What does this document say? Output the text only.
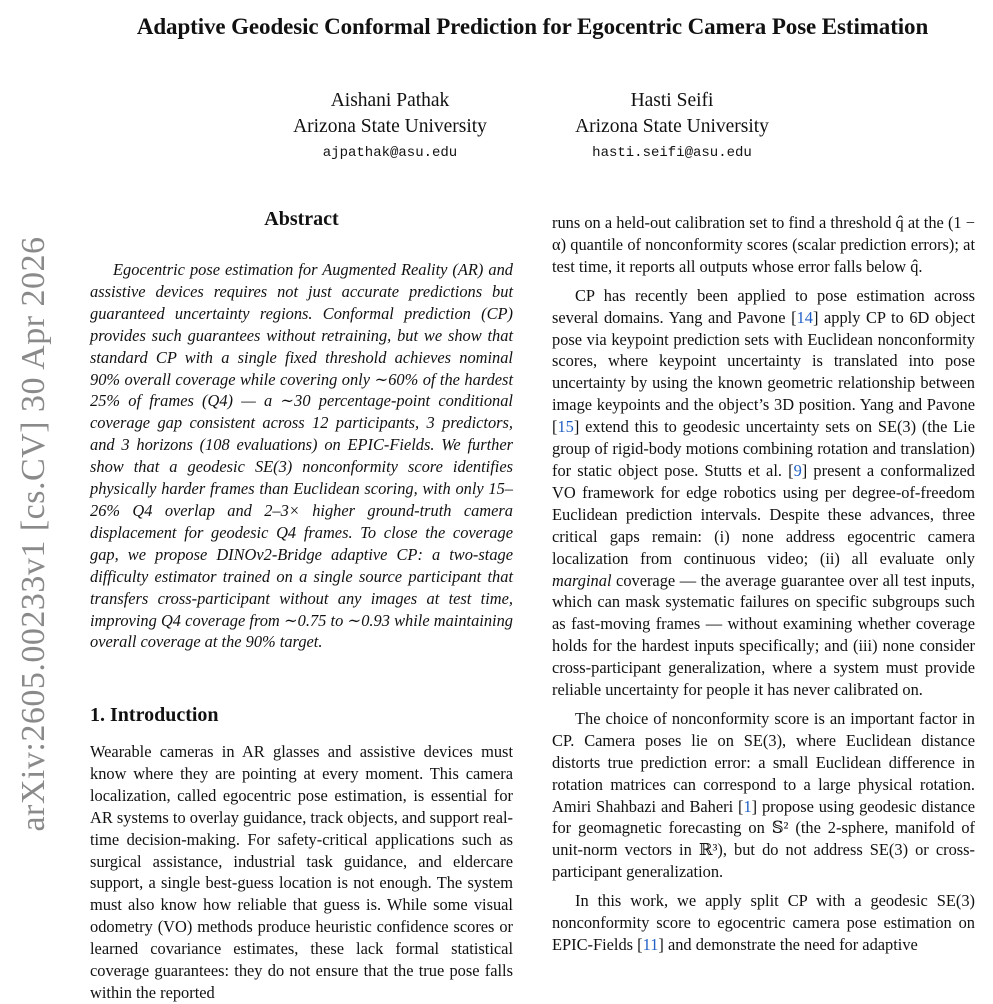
arXiv:2605.00233v1 [cs.CV] 30 Apr 2026
Adaptive Geodesic Conformal Prediction for Egocentric Camera Pose Estimation
Aishani Pathak
Arizona State University
ajpathak@asu.edu
Hasti Seifi
Arizona State University
hasti.seifi@asu.edu
Abstract

Egocentric pose estimation for Augmented Reality (AR) and assistive devices requires not just accurate predictions but guaranteed uncertainty regions. Conformal prediction (CP) provides such guarantees without retraining, but we show that standard CP with a single fixed threshold achieves nominal 90% overall coverage while covering only ∼60% of the hardest 25% of frames (Q4) — a ∼30 percentage-point conditional coverage gap consistent across 12 participants, 3 predictors, and 3 horizons (108 evaluations) on EPIC-Fields. We further show that a geodesic SE(3) nonconformity score identifies physically harder frames than Euclidean scoring, with only 15–26% Q4 overlap and 2–3× higher ground-truth camera displacement for geodesic Q4 frames. To close the coverage gap, we propose DINOv2-Bridge adaptive CP: a two-stage difficulty estimator trained on a single source participant that transfers cross-participant without any images at test time, improving Q4 coverage from ∼0.75 to ∼0.93 while maintaining overall coverage at the 90% target.

1. Introduction

Wearable cameras in AR glasses and assistive devices must know where they are pointing at every moment. This camera localization, called egocentric pose estimation, is essential for AR systems to overlay guidance, track objects, and support real-time decision-making. For safety-critical applications such as surgical assistance, industrial task guidance, and eldercare support, a single best-guess location is not enough. The system must also know how reliable that guess is. While some visual odometry (VO) methods produce heuristic confidence scores or learned covariance estimates, these lack formal statistical coverage guarantees: they do not ensure that the true pose falls within the reported

runs on a held-out calibration set to find a threshold q̂ at the (1 − α) quantile of nonconformity scores (scalar prediction errors); at test time, it reports all outputs whose error falls below q̂.

CP has recently been applied to pose estimation across several domains. Yang and Pavone [14] apply CP to 6D object pose via keypoint prediction sets with Euclidean nonconformity scores, where keypoint uncertainty is translated into pose uncertainty by using the known geometric relationship between image keypoints and the object’s 3D position. Yang and Pavone [15] extend this to geodesic uncertainty sets on SE(3) (the Lie group of rigid-body motions combining rotation and translation) for static object pose. Stutts et al. [9] present a conformalized VO framework for edge robotics using per degree-of-freedom Euclidean prediction intervals. Despite these advances, three critical gaps remain: (i) none address egocentric camera localization from continuous video; (ii) all evaluate only marginal coverage — the average guarantee over all test inputs, which can mask systematic failures on specific subgroups such as fast-moving frames — without examining whether coverage holds for the hardest inputs specifically; and (iii) none consider cross-participant generalization, where a system must provide reliable uncertainty for people it has never calibrated on.

The choice of nonconformity score is an important factor in CP. Camera poses lie on SE(3), where Euclidean distance distorts true prediction error: a small Euclidean difference in rotation matrices can correspond to a large physical rotation. Amiri Shahbazi and Baheri [1] propose using geodesic distance for geomagnetic forecasting on 𝕊² (the 2-sphere, manifold of unit-norm vectors in ℝ³), but do not address SE(3) or cross-participant generalization.

In this work, we apply split CP with a geodesic SE(3) nonconformity score to egocentric camera pose estimation on EPIC-Fields [11] and demonstrate the need for adaptive
